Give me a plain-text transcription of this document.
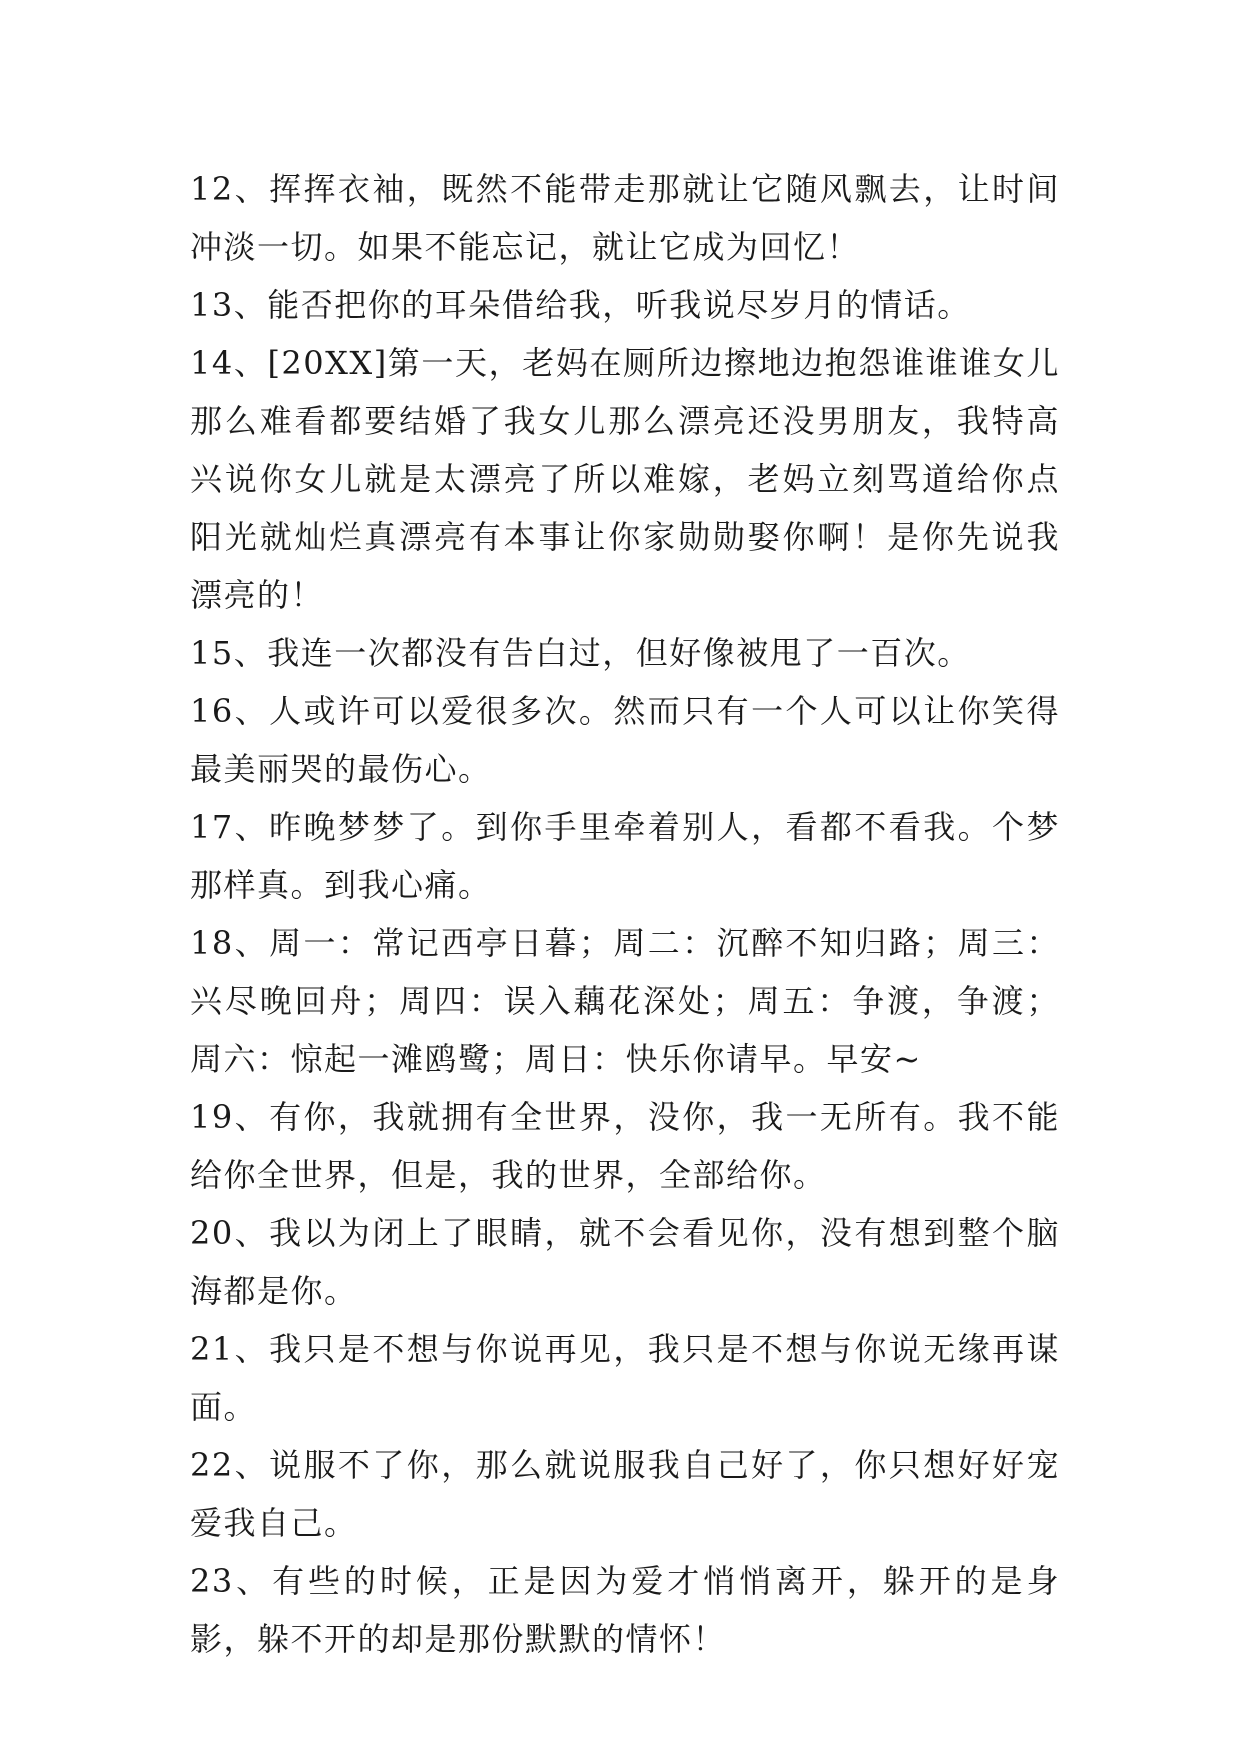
12、挥挥衣袖，既然不能带走那就让它随风飘去，让时间冲淡一切。如果不能忘记，就让它成为回忆！

13、能否把你的耳朵借给我，听我说尽岁月的情话。

14、[20XX]第一天，老妈在厕所边擦地边抱怨谁谁谁女儿那么难看都要结婚了我女儿那么漂亮还没男朋友，我特高兴说你女儿就是太漂亮了所以难嫁，老妈立刻骂道给你点阳光就灿烂真漂亮有本事让你家勋勋娶你啊！是你先说我漂亮的！

15、我连一次都没有告白过，但好像被甩了一百次。

16、人或许可以爱很多次。然而只有一个人可以让你笑得最美丽哭的最伤心。

17、昨晚梦梦了。到你手里牵着别人，看都不看我。个梦那样真。到我心痛。

18、周一：常记西亭日暮；周二：沉醉不知归路；周三：兴尽晚回舟；周四：误入藕花深处；周五：争渡，争渡；周六：惊起一滩鸥鹭；周日：快乐你请早。早安~

19、有你，我就拥有全世界，没你，我一无所有。我不能给你全世界，但是，我的世界，全部给你。

20、我以为闭上了眼睛，就不会看见你，没有想到整个脑海都是你。

21、我只是不想与你说再见，我只是不想与你说无缘再谋面。

22、说服不了你，那么就说服我自己好了，你只想好好宠爱我自己。

23、有些的时候，正是因为爱才悄悄离开，躲开的是身影，躲不开的却是那份默默的情怀！
